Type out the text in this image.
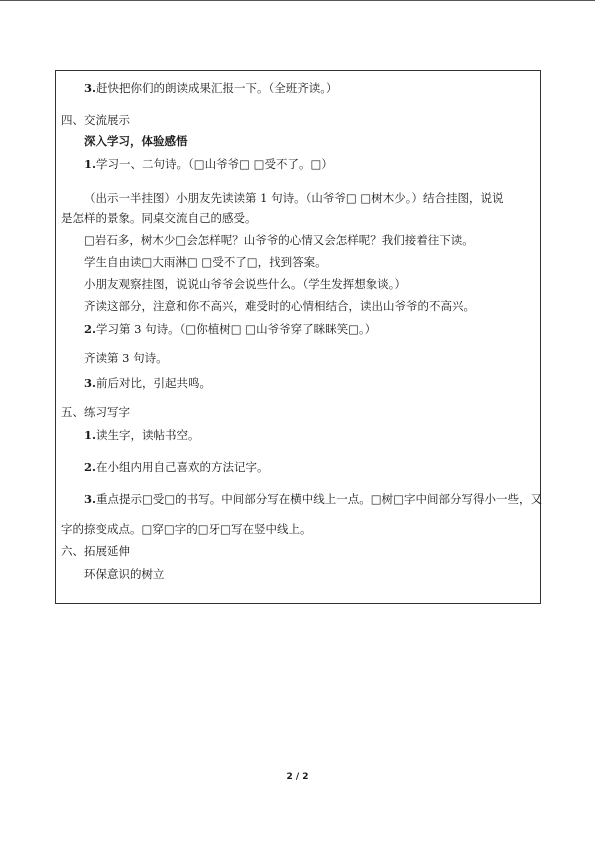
3.赶快把你们的朗读成果汇报一下。（全班齐读。）
四、交流展示
深入学习，体验感悟
1.学习一、二句诗。（□山爷爷□ □受不了。□）
（出示一半挂图）小朋友先读读第 1 句诗。（山爷爷□ □树木少。）结合挂图，说说
是怎样的景象。同桌交流自己的感受。
□岩石多，树木少□会怎样呢？山爷爷的心情又会怎样呢？我们接着往下读。
学生自由读□大雨淋□ □受不了□，找到答案。
小朋友观察挂图，说说山爷爷会说些什么。（学生发挥想象谈。）
齐读这部分，注意和你不高兴，难受时的心情相结合，读出山爷爷的不高兴。
2.学习第 3 句诗。（□你植树□ □山爷爷穿了眯眯笑□。）
齐读第 3 句诗。
3.前后对比，引起共鸣。
五、练习写字
1.读生字，读帖书空。
2.在小组内用自己喜欢的方法记字。
3.重点提示□受□的书写。中间部分写在横中线上一点。□树□字中间部分写得小一些，又
字的捺变成点。□穿□字的□牙□写在竖中线上。
六、拓展延伸
环保意识的树立
2 / 2
